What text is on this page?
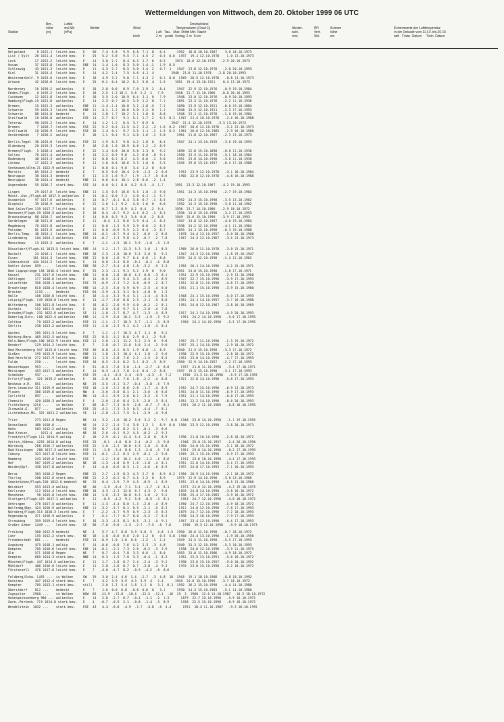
Wettermeldungen von Mittwoch, dem 20. Oktober 1999 06 UTC
Station
Ber.-
höhe
(m)
Luftdr.
red.NN
(hPa)
Wetter	Wind

km/h
Deutschland
Temperaturen (Grad C)
Luft   Tau-   Max  Mittel Min  Nacht
2 m    punkt  Vortag  2 m  5 cm
Nieder-
schl.
mm
RR
Vert.
Std.
Schnee
höhe
cm
Extremwerte der Lufttemperatur
in der Dekade vom 11.10. bis 20.10.
seit   Tmax  Datum     Tmin  Datum
Helgoland      8 1022.1  leicht bew.   E    50   7.4  5.8   9.9  6.8  7.1  8   6.4      1952  18.8 10.10.1987    3.0 18.10.1973
List / Sylt   26 1021.4  leicht bew.   E    25   5.2  3.6   9.5  7.1  4.5  2   0.5  0.6  1937  19.1 12.10.1978    1.0 13.10.1973
Leck          17 1022.2  leicht bew.   E    14   3.0  2.1   8.4  6.3  2.7  0   0.5     1974  18.6 12.10.1978   -2.9 20.10.1973
Husum         37 1023.8  leicht bew.   ENE  14   1.4  1.0   8.3  5.0  1.4 -1   1.9  0.5
Schleswig     43 1021.3  leicht bew.   E    11   4.3  2.7   8.5  5.0  3.4  2   0.7  1   1947  23.8 12.10.1978   -2.8 20.10.1993
Kiel          31 1024.4  leicht bew.   E    14   4.2  2.4   7.5  4.6  4.1  4         1940  23.0 11.10.1978   -2.8 20.10.1993
Westermarkelf. 9 1025.0  leicht bew.   E    18   4.9  3.2   9.0  7.1  4.3  2   0.1  0.0  1949  20.5 12.10.1978   -0.8 13.10.1973
Arkona        42 1026.6  leicht bew.   E    25   6.1  0.4  10.2  8.2  5.8  4   2.5     1951  19.4 13.10.1921    0.4 13.10.1973
Norderney     16 1020.2  wolkenlos     E    18   2.8  0.6   8.9  7.0  2.9  2   8.4      1947  22.9 12.10.1976   -0.9 19.10.1984
Emden-Flugh.   0 1019.2  leicht bew.   E    18   2.5  1.3 10.1  5.6  2.2  1   7.9      1948  22.7 11.10.1966   -0.8 20.10.1993
Cuxhaven      12 1021.8  leicht bew.   E    18   3.5  2.0  10.9  6.4  3.1  0   7.9      1948  23.0 12.10.1976   -0.9 20.10.1993
Hamburg/Flugh.15 1022.8  wolkenlos     E    14   2.3  0.7  10.5  3.9  2.2  0   7.1      1891  23.3 11.10.1978   -2.2 11.10.1936
Bremen        15 1022.3  wolkenlos     ENE  11  -1.4 -1.4  10.8  3.2 -1.8 -5   7.2      1890  23.9 12.10.1921   -6.0 19.10.1884
Schwerin      59 1025.3  leicht bew.   ENE  11   4.1  1.2  10.6  5.0  2.2  0   1.1      1948  25.5 12.10.1921   -2.3 17.10.1993
Schwerin      88 1024.0  bedeckt       E    14   1.8  1.7  10.2  3.1  1.8  0   8.8      1948  23.1 11.10.1978   -1.0 19.10.1984
Greifswald    10 1026.0  wolkenlos     ESE  14   2.7  0.7   9.1  5.1  2.7  2   0.3  0.1  1947  21.4 10.10.1978   -2.4 16.10.1988
Teterow       90 1025.2  leicht bew.   E    14   1.2  1.2   8.5  3.7  0.9  0         1947  22.4 12.10.1978   -3.3 13.10.1973
Bremen         7 1026.7  leicht bew.   ESE  22   5.2  0.4  11.5  4.2  2.2  -2  1.6  0.2  1947  20.6 12.10.1978   -3.2 13.10.1973
Grellswald    10 1026.9  leicht bew.   ESE  18   1.4  0.1   9.7  3.5  1.1  -1  1.5  0.2  1961  20.6 12.10.1985   -2.9 16.10.1988
Ueckermünde    7 1026.2  wolkig        E    18   1.1  0.4   9.1  4.0  1.6  -1  5.8      1961  21.8 12.10.1967   -2.3 13.10.1973
Berlin-Tegel  36 1025.0  leicht bew.   ESE  22   1.9  0.3   9.8  4.2  1.8  0   8.4      1947  24.1 13.10.1929   -3.6 19.10.1993
Oldenburg     20 1019.3  leicht bew.   E    18   2.8  1.6  10.9  6.6  1.2  -2  8.9
Bremen/Flugh.  5 1020.4  wolkenlos     E    22   1.4  0.8  10.0  5.0  1.3  0   9.2      1890  22.8 15.10.1890   -0.0 11.10.1936
Soltau        76 1021.4  wolkenlos     E    14   2.2  0.9  9.6   4.2  0.0  -0  9.1      1950  23.5 11.10.1978   -5.1 18.10.1964
Bodenburg     48 1023.3  wolkenlos     E    11   0.0  0.2  8.2   4.3  0.6  -1  5.6      1951  23.8 14.10.1990   -3.8 11.10.1936
Lüchow        17 1022.3  wolkenlos     E    11   1.0  0.6  10.6  3.3  1.0  0   3.5      1945  29.0 13.10.1957   -6.4 17.10.1988
Seehausen/Altm.21 1022.9 wolkenlos     E    11   0.8  0.1  9.6   3.4  1.2  0   6.0
Marnitz       85 1024.2  bedeckt       E    7    0.5  0.6  10.4  2.6  -1.3  -2  6.6      1951  23.9 12.10.1978   -3.1 18.10.1984
Neuruppin     38 1024.3  bedeckt       E    11   1.5  1.6  9.7   1.9  -1.7  -5  8.6      1902  22.0 12.10.1978   -4.8 16.10.1988
Neuruppin     38 1024.4  bedeckt       ENE  11   0.6  0.4  10.1  2.8  0.6  -2  1.4
Angermünde    55 1026.7  stark bew.    ESE  14   0.0  0.1  8.0  4.2  0.5  -4  1.7      1951  23.3 12.10.1967   -4.2 19.10.1993
Lingen        29 1017.6  leicht bew.   ENE  11   1.5  0.5  10.6  5.5  1.0  -3  9.0      1951  24.3 15.10.1990   -2.7 19.10.1984
Münst.-Osn./Flugh.48 1017.5 wolkenlos  E    14  -0.1  0.0  7.1   4.0  0.1  -1  5.7
Osnabrück     97 1017.6  wolkenlos     E    14   0.7  -0.1  8.4  3.8  0.7  -1  8.5      1952  24.3 15.10.1990   -3.5 13.10.1962
Diepholz      39 1018.9  wolkenlos     E    22   1.6  1.1  9.2   4.0  1.6  0   6.6      1952  24.3 15.10.1990   -3.0 11.10.1962
Bad Salzuflen 139 1017.7 leicht bew.   E    14   0.7  1.2  8.9  4.2  0.4  -2  9.4      1936  23.7 14.10.1986   -2.9 18.10.1972
Hannover/Flugh.59 1020.5 wolkenlos     E    18   0.4  -0.7  9.2  4.4  0.2  -1  8.3      1936  24.6 15.10.1990   -3.2 17.10.1993
Braunschweig  88 1020.7  wolkenlos     E    14   0.6  0.3  9.3  3.6  0.6  -2  8.8      1949  25.6 15.10.1990   -3.9 17.10.1993
Gardelegen    48 1021.8  wolkenlos     E    11   -0.4  1.2  8.6  3.9  0.4  -1  8.3      1947  24.8 12.10.1967   -4.0 19.10.1984
Magdeburg     76 1022.8  wolkenlos     E    11   0.0  -1.5  9.9  3.9  0.6  -2  8.3      1938  24.2 12.10.1990   -4.1 11.10.1984
Potsdam       81 1023.9  wolkenlos     E    11   0.0  -0.9  9.5  2.2  0.4  -3  8.7      1893  24.1 15.10.1990   -6.3 19.10.1988
Berlin-Temp.  48 1024.1  leicht bew.   ENE  14  -0.1  -0.7  9.4  4.2  -0.6  -2  8.8      1878  24.4 13.10.1957   -5.0 20.10.1908
Lindenberg    104 1024.1 wolkenlos     ESE  14  -0.7  -1.3  9.8  4.2  -0.7  -2  7.8      1947  24.3 12.10.1967   -3.4 13.10.1973
Manschnow     13 1025.3  wolkenlos     E    7   -1.1  -1.5  10.1  3.9  -1.0  -3  1.9
Düsseldorf/Flugh.41 1013.5 leicht bew. ENE  14   1.2  -1.7  11.3  5.3  1.0  -1  8.5      1969  26.0 11.10.1970   -3.0 15.10.1971
Bocholt       24 1016.1  leicht bew.   ENE  18   2.3  -1.0  10.6  5.5  2.0  0   9.2      1947  24.3 12.10.1990   -1.8 19.10.1947
Essen        161 1014.3  leicht bew.   ENE  22   0.6  -1.8  9.7  6.4  0.6  -1  8.8      1939  24.5 12.10.1990   -1.4 12.10.1962
Lüdenscheid  444 1014.2  leicht bew.   E    14   0.0  -3.4  8.6  -0.1  -0.1  -4  8.8
Kahler Asten  839 ---    leicht bew.   ENE  36  -2.7  -3.4  4.8  1.8  -3.2  -5  3.3      1955  20.1 14.10.1990   -4.2 15.10.1971
Bad Lippspringe 158 1016.4 leicht bew. E    33   2.3  -2.1  9.1  5.2  1.9  0   9.0      1951  24.0 15.10.1990   -1.8 17.10.1971
Kassel        231 1017.6 leicht bew.   ENE  11   0.8  -1.8  10.0  4.3  0.8  -3  8.1      1931  22.9 15.10.1990   -2.9 13.10.1960
Göttingen     177 1018.6 leicht bew.   E    14  -0.5  -2.3  9.4  3.3  -0.5  -2  8.9      1947  22.7 15.10.1990   -3.9 17.10.1993
Leinefelde    356 1018.1 wolkenlos     ESE  75  -0.9  -2.3  7.2  3.0  -0.9  -2  8.7      1951  22.8 11.10.1990   -4.6 17.10.1993
Brauhrlage    610 1020.4 leicht bew.   ENE  14  -2.5  -3.0  5.9  0.9  -2.5  -4  6.0      1951  21.1 15.10.1990   -3.9 15.10.1980
Brocken       1153 ---   bedeckt       ESE  64  -3.9  -4.3  3.1  0.4  -4.8  0   1.3
Halle         106 1020.8 leicht bew.   E    18  -1.4  -3.3  9.4  3.1  -1.4  -4  8.5      1948  24.1 15.10.1990   -5.0 17.10.1993
Leipzig/Flugh. 149 1020.0 leicht bew.  E    14  -1.7  -3.6  8.8  2.3  -2.1  -5  8.8      1951  24.1 14.10.1957   -3.7 16.10.1988
Wittenberg    106 1021.8 leicht bew.   E    18  -0.2  -2.0  9.9  4.0  -0.2  -2  8.1      1951  24.0 12.10.1967   -3.8 16.10.1969
Oschatz       152 1021.5 wolkenlos     E    14  -3.0  -3.6  9.7  3.1  -2.0  -4  7.8
Dresden/Flugh. 232 1022.6 wolkenlos    SE   11  -1.0  -2.7  8.7  4.7  -1.3  -4  8.9      1917  24.1 14.10.1990   -4.9 20.10.1993
Doberlug-Kirc. 100 1022.4 wolkenlos    ENE  11  -1.9  -3.0  10.1  3.5  -1.9  -3  9.2      1951  24.2 14.10.1990   -5.0 17.10.1993
Cottbus        70 1023.2 wolkenlos     ESE  11  -1.1  -2.7  10.3  3.7  -1.1  -3  8.9      1950  24.1 14.10.1990   -5.5 17.10.1993
Görlitz       238 1023.2 wolkenlos     ESE  11  -1.0  -2.3  9.1  4.2  -1.0  -3  8.4
Aachen        205 1011.5 leicht bew.   E    7    1.1  -1.7  10.3  4.7  1.1  0   9.2
Nürburg-Barw. 485 1012.5 wolkig        ESE  22   0.5  -3.2  8.6  2.9  0.1  -2  9.8
Köln-Bonn/Flugh.100 1012.9 leicht bew. ESE  11   2.6  -2.2  11.2  5.2  2.5  0   9.8      1957  25.7 11.10.1990   -1.3 19.10.1972
Bendorf       129 1014.2 leicht bew.   E    7    2.8  -0.7  11.6  5.0  2.4  -2  9.0      1957  25.1 14.10.1990   -2.9 18.10.1972
Bad Marienberg 547 1015.0 leicht bew.  ESE  36   0.8  -4.2  8.5  1.9  0.8  -1  8.9      1940  21.5 15.10.1990   -3.3 17.10.1972
Gießen        195 1015.9 leicht bew.   ENE  11   1.8  -3.3  10.4  4.1  1.8  -2  9.6      1938  22.9 15.10.1990   -2.8 18.10.1972
Bad Hersfeld  272 1017.9 leicht bew.   ENE  11   1.5  -2.8  7.6  2.2  -1.5  -5  8.5      1951  23.0 14.10.1990   -4.7 17.10.1993
Fulda         250 ---    leicht bew.   ESE  18   0.5  -3.4  8.2  3.1  0.3  -3  8.9      1950  22.9 14.10.1957   -2.2 17.10.1993
Wasserkuppe   953 ---    leicht bew.   E    51  -0.3  -7.0  3.8  -1.4  -2.7  -4  8.0      1937  21.0 11.10.1990   -3.4 17.10.1971
Meiningen     453 1017.3 wolkenlos     E    14   0.3  -4.2  7.0  2.4  0.4  -2  8.8      1937  19.5 15.10.1990   -3.1 17.10.1993
Schmücke      937 ---    wolkenlos     ESE  29   -4.1  -6.5  2.4  -0.9  -4.3  -5  7.2      1950  21.3 14.10.1990   -5.9 17.10.1993
Erfurt/Flugh.  322 1019.2 wolkenlos    E    18  -2.0  -4.4  7.6  1.8  -2.2  -4  8.8      1921  22.8 14.10.1990   -5.6 17.10.1993
Neuhaus a.R.  851 ---    wolkenlos     NE   25  -3.5  -5.1  3.7  -0.4  -3.8  -5  7.9
Gera-Leumnitz 311 1019.9 wolkenlos     ESE  18  -1.6  -3.2  8.6  2.8  -1.7  -4  8.9      1952  24.7 15.10.1990   -6.9 13.10.1973
Plauen        386 1019.6 wolkenlos     NW   4   -3.6  -5.0  8.1  2.1  -3.6  -6  6.8      1951  24.0 11.10.1990   -6.9 17.10.1993
Carlsfeld     897 ---    wolkenlos     NW   14  -3.1  -5.9  2.6  0.2  -3.2  -5  7.9      1951  21.1 14.10.1990   -6.0 17.10.1993
Chemnitz      420 1020.3 wolkenlos     E    4   -2.0  -2.6  8.4  2.5  -2.0  -3  8.4      1951  22.2 14.10.1990   -8.6 20.10.1993
Fichtelberg  1216 ---    in Wolken     E    58  -6.7  -7.3  0.9  -2.8  -6.7  -7  8.1      1951  20.2 11.10.1985   -8.8 18.10.1993
Zinnwald-G.   877 ---    wolkenlos     ESE  25  -4.1  -7.3  3.5  0.3  -4.4  -7  8.1
Lichtenhain-Mi. 325 1021.2 wolkenlos   SE   11  -2.8  -3.2  7.5  3.1  -2.9  -4  9.8
Trier         273 1011.0 Regen         NE   14   3.2  -1.0  10.2  5.6  3.2  2   9.7  0.0  1948  23.8 14.10.1990   -1.1 19.10.1955
Deuselbach    480 1010.6 ---           NE   14   2.2  -2.4  7.4  3.6  1.2  1   8.9  0.0  1950  23.5 12.10.1990   -3.8 20.10.1973
Hahn          503 1012.2 wolkig        SE   29   0.7  -3.0  8.2  3.1  -0.1  -3  8.6
Bad Kreuzn.   -  1012.4  wolkenlos     NE   18   2.6  -0.1  9.2  4.5  -0.2  -2  9.3
Frankfurt/Flugh.111 1014.9 wolkig      E    18   2.9  -0.1  11.4  5.4  2.8  0   8.9      1936  21.8 16.10.1990   -2.8 18.10.1972
Veitsh./Odenw. 4255 1014.0 wolkig      ESE  25   -0.1  -4.0  8.0  2.4  -0.2  -3  9.0      1948  25.0 15.10.1957   -2.4 20.10.1956
Würzburg      268 1016.7 wolkenlos     ESE  22   1.0  -2.3  10.0  4.5  1.0  -3  8.8      1950  24.0 15.10.1990   -3.1 18.10.1972
Bad Kissingen  280 1017.3 wolkenlos    ESE  11   -1.8  -3.4  8.6  1.3  -2.0  -5  7.8      1951  23.0 14.10.1990   -6.2 17.10.1993
Coburg        323 1017.8 leicht bew.   ESE  11  -0.1  -2.2  8.3  2.9  -0.1  -2  9.0      1949  25.1 15.10.1990   -5.9 17.10.1993
Bamberg       243 1019.6 leicht bew.   ESE  7   -1.2  -3.0  10.1  4.0  -1.2  -4  8.6      1912  23.6 16.10.1990   -4.4 17.10.1993
Hof           567 1019.2 wolkenlos     NE   18  -1.3  -4.8  6.9  1.6  -1.8  -4  8.1      1951  22.0 14.10.1990   -5.4 17.10.1993
Weiden/Opf.   438 1017.8 wolkenlos     E    14  -4.0  -6.6  8.3  1.2  -4.6  -6  8.9      1937  24.8 17.10.1993   -7.1 20.10.1993
Berus         363 1010.2 Regen         ENE  22   2.7  -1.9  8.3  4.3  2.7  0   8.9  0.2  1950  20.9 14.10.1990   -2.1 18.10.1972
Thirlay       208 1012.0 stark bew.    ENE  22   2.2  -0.2  8.7  4.4  2.2  0   8.9      1975  22.9 14.10.1990   -3.6 13.10.1966
Saarbrücken/Flugh.320 1012.0 bedeckt   NE   25   0.4  -2.9  7.9  4.5  -0.9  -1  8.9      1951  23.6 14.10.1990   -6.5 13.10.1966
Weinbiet      553 1013.4 wolkig        NE   40   -1.5  -6.4  7.1  3.4  -1.7  -4  8.1      1973  21.6 12.10.1990   -4.3 19.10.1975
Karlsruhe     112 1014.4 leicht bew.   ENE  18   4.3  -2.3  12.0  6.7  4.3  2   9.0      1876  24.8 14.10.1990   -3.8 18.10.1972
Mannheim       96 1015.0 leicht bew.   ENE  14   1.6  -3.3  10.8  6.3  1.6  -2  9.2      1938  25.4 17.10.1983   -3.9 16.10.1972
Stuttgart/Flugh.419 1017.1 wolkenlos   E    11   -0.5  -4.2  9.1  5.8  -0.5  -3  8.1      1953  24.7 12.10.1990   -4.0 18.10.1972
Oehringen     276 1017.5 wolkenlos     E    11  -1.3  -4.4  8.0  1.3  -2.0  -4  8.9      1950  24.7 12.10.1990   -4.9 18.10.1972
Wolfenbg/Bay. 424 1016.9 wolkenlos     ENE  11  -3.2  -5.7  8.1  0.5  -2.1  -5  8.3      1911  24.0 12.10.1990   -7.6 17.10.1993
Nürnberg/Flugh.315 1018.3 leicht bew.  E    7   -2.2  -4.7  9.9  0.9  -2.3  -5  8.3      1879  24.7 12.10.1990   -7.2 18.10.1993
Regensburg    371 1018.9 wolkenlos     E    7   -5.1  -7.7  6.7  0.0  -5.2  -7  8.3      1938  24.3 16.10.1990   -7.9 17.10.1993
Straubing     359 1019.4 leicht bew.   E    18  -3.3  -4.5  8.1  0.5  -3.1  -4  9.1      1947  23.4 12.10.1990   -6.4 17.10.1993
Großer Arber  1449 ---   leicht bew.   SE   58  -7.0  -9.0  -1.3  -2.7  -7.5  -8  7.6      1950  19.3 12.10.1990   -9.9 18.10.1973
Freiburg      300 1012.9 bedeckt       NE   4    5.7  4.7  8.8  5.9  5.0  5   4.8  1.5  1950  26.6 11.10.1990   -0.7 18.10.1972
Lahr          155 1012.2 stark bew.    NE   18   1.8  -0.8  6.6  2.0  1.2  0   0.5  5.8  1940  24.4 13.10.1990   -1.9 20.10.1956
Freudenstadt  801 ---    bedeckt       ESE  14  -0.9  1.0  1.0  6.6  -1.2  -1  2.4      1949  24.5 11.10.1990   -5.5 17.10.1993
Augsburg      475 1018.1 wolkig        E    14  -0.6  -0.8  7.6  4.2  2.3  -3  4.8      1940  25.3 12.10.1990   -5.3 18.10.1993
Kempten       705 1018.6 leicht bew.   ENE  14  -0.1  -2.2  7.3  2.6  -0.2  -3  3.9      1938  24.8 12.10.1990   -3.9 11.10.1975
Ulm           571 1018.6 Regen         NE   7    0.7  -0.4  7.8  3.3  0.6  -1  8.0      1953  25.0 11.10.1986   -4.9 18.10.1972
Kempten       685 1014.3 stark bew.    NNE  14   0.3  -1.5  7.0  3.3  -0.4  -1  8.3      1951  23.5 13.10.1991   -5.6 18.10.1972
München/Flugh. 447 1014.5 wolkenlos    E    11   1.7  -1.8  8.7  2.4  -2.4  -3  9.2      1938  23.6 15.10.1957   -9.0 18.10.1992
Mühldorf      406 1016.0 leicht bew.   E    11   2.8  -2.8  8.7  0.7  -3.8  -4  9.3      1970  23.0 15.10.1990   -5.2 18.10.1972
Fürstenzell   476 1017.6 leicht bew.   E    7   -4.0  -4.7  8.2  -0.9  -4.2  -6  8.6
Feldberg/Schw. 1493 ---  in Wolken     SW   29   3.0  2.4  4.6  1.4  -2.7  -3  4.8  10  1945  19.1 18.10.1988   -8.8 18.10.1992
Konstanz      447 1012.4 stark bew.    E    7    4.2  3.9  5.9  4.3  3.9  4   2.4      1945  24.0 15.10.1990   -3.7 18.10.1972
Kempten       705 1013.1 stark bew.    still     2.0  1.3  5.4  1.8  1.1  0   3.1  0.1  1952  26.2 15.10.1990   -4.4 14.10.1980
Oberstdorf    812 ---    bedeckt       E    7    1.6  0.6  6.8  -0.6  0.6  0   3.1      1930  24.3 15.10.1983   -5.1 14.10.1980
Zugspitze    2960 ---    in Wolken     WSW  65  -11.9  -13.0  -10.4  -12.5  -12.4  -16  15  3  1900  12.6 14.10.1987  -10.3 18.10.1972
Hohenpeissenberg 986 --- wolkenlos     E    14   2.0  -2.7  6.7  -0.4  -1.1  -2  1.3      1879  22.7 15.10.1990   -5.9 18.10.1972
Garm.-Partenk. 719 1014.0 stark bew.   E    4   -0.7  -0.9  2.1  -0.8  -1.4  -3  8.9      1938  22.5 15.10.1990   -6.9 18.10.1972
Wendelstein  1832 ---    stark bew.    ESE  43   4.4  -6.8  -4.9  -2.7  -4.8  -6  4.4      1951  18.4 11.10.1987   -9.3 18.10.1992
